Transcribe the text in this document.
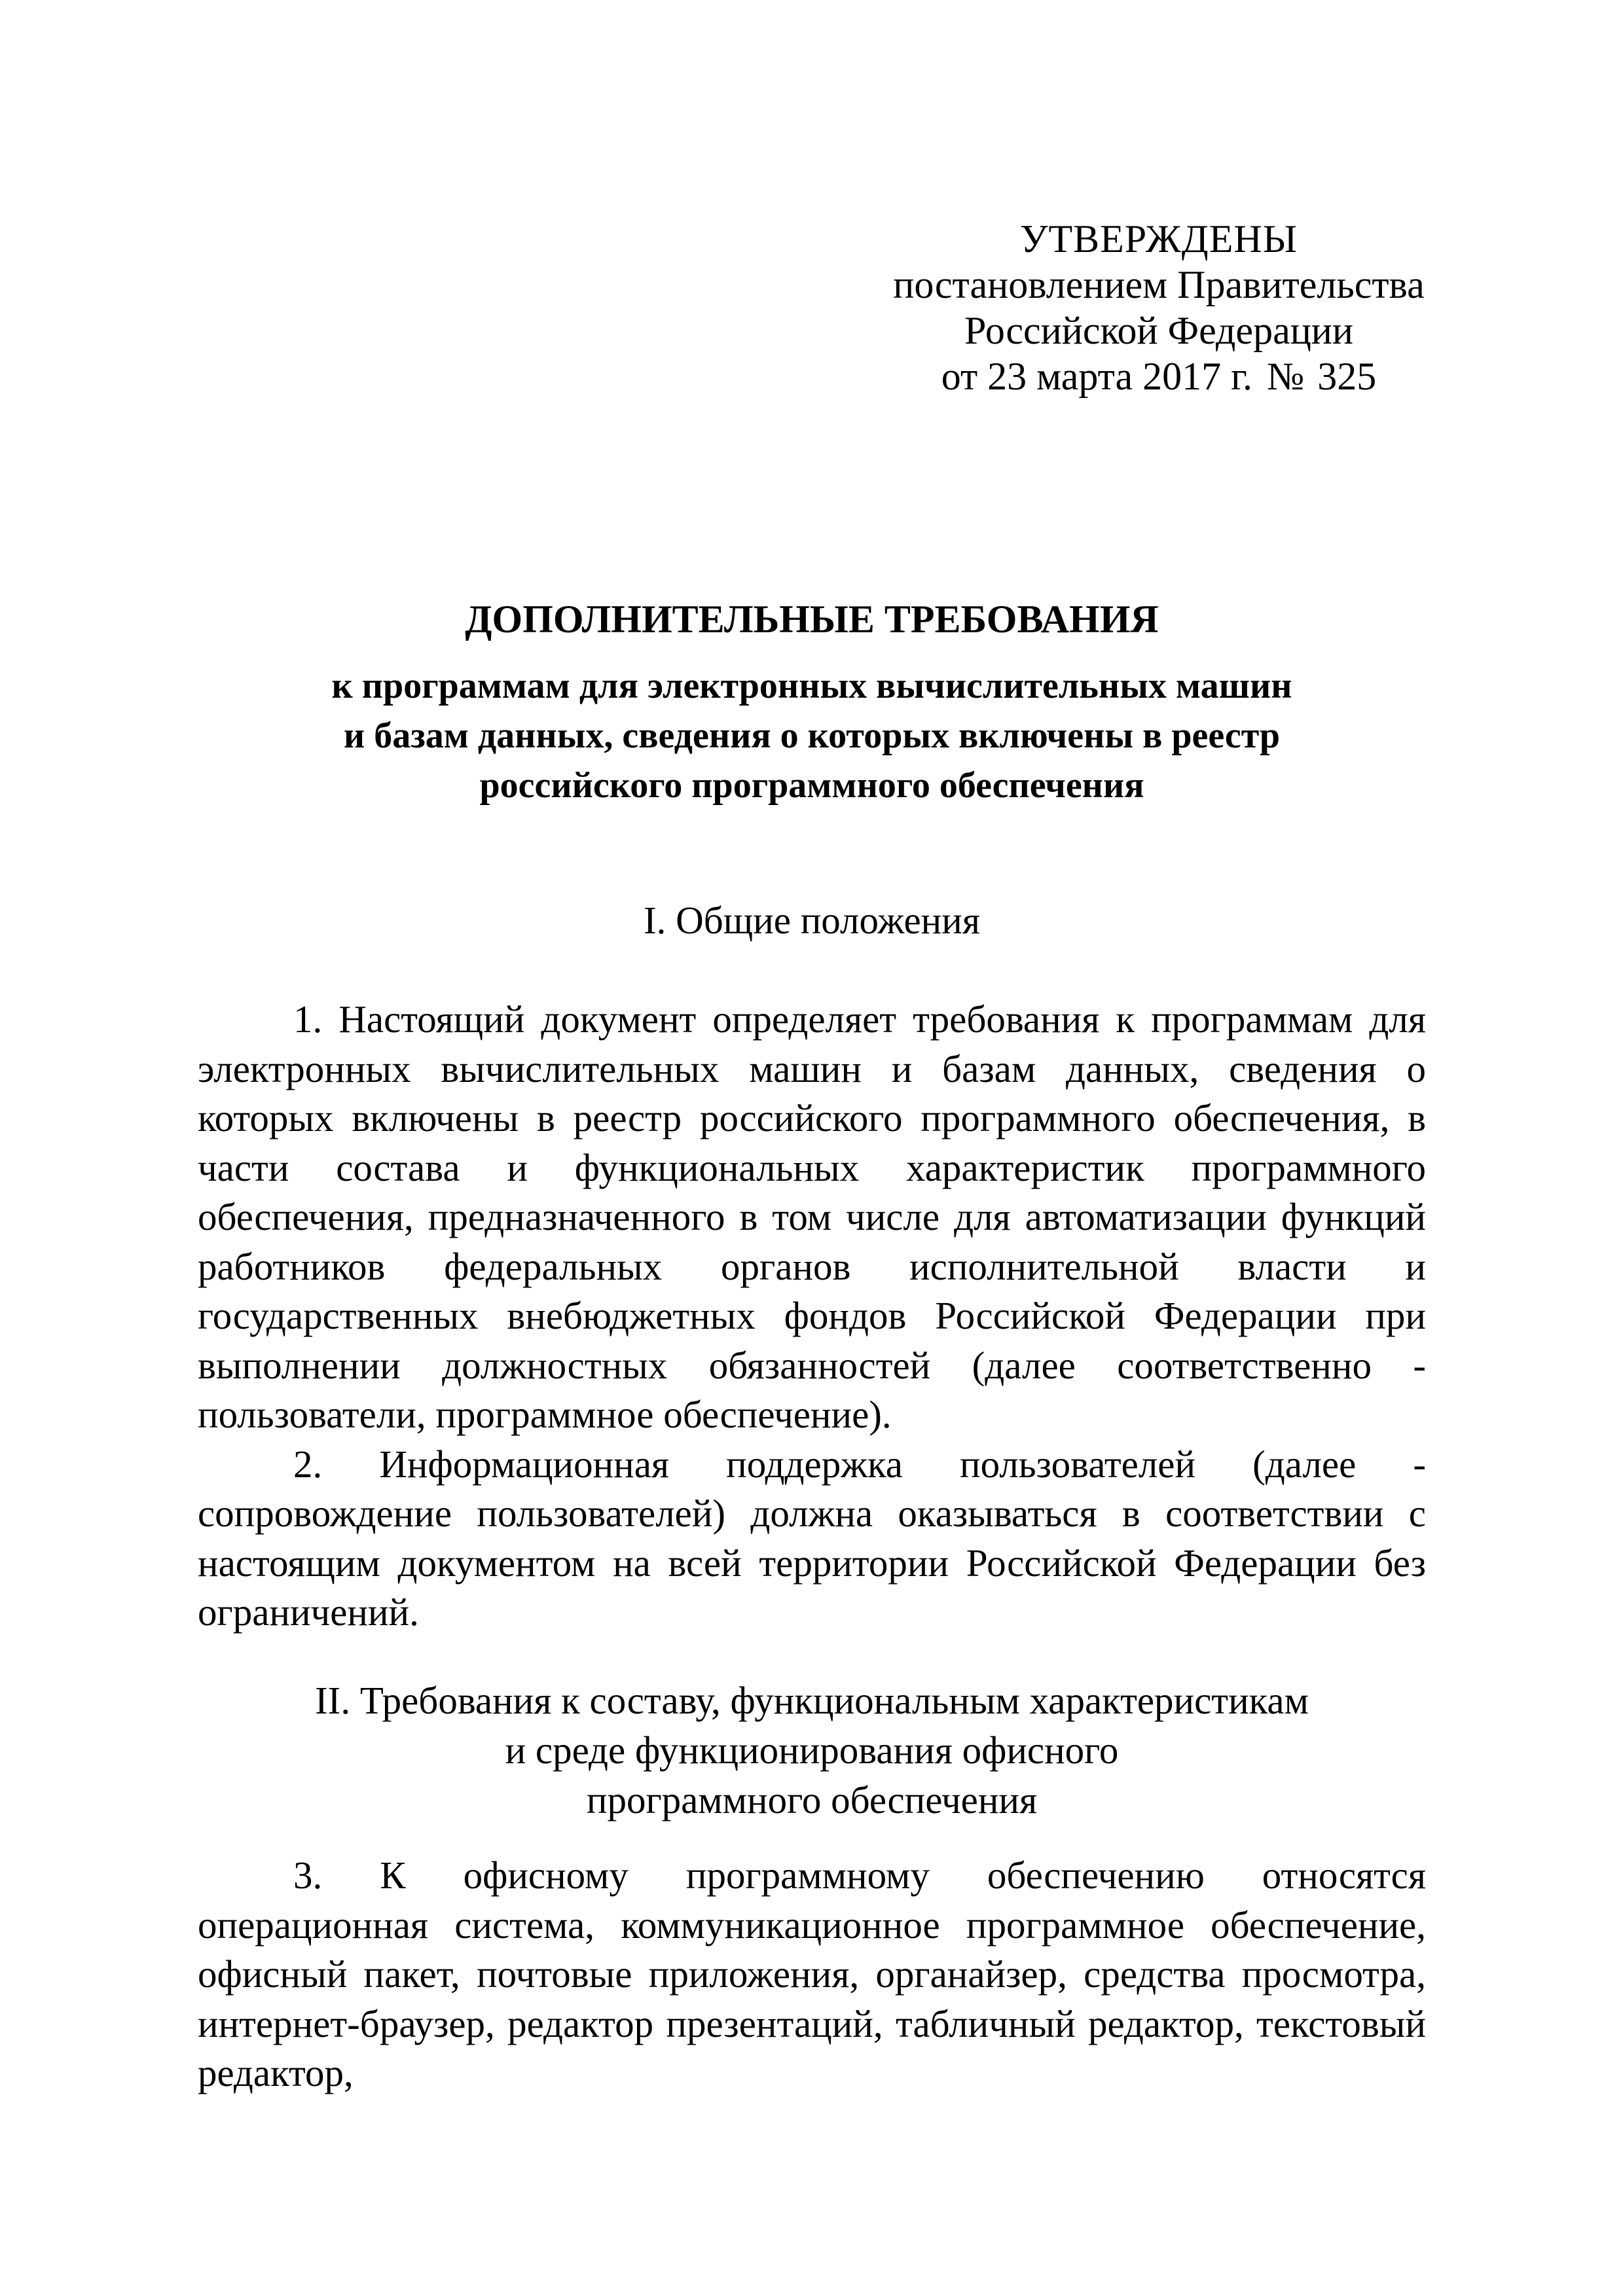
УТВЕРЖДЕНЫ
постановлением Правительства
Российской Федерации
от 23 марта 2017 г. № 325
ДОПОЛНИТЕЛЬНЫЕ ТРЕБОВАНИЯ
к программам для электронных вычислительных машин
и базам данных, сведения о которых включены в реестр
российского программного обеспечения
I. Общие положения

1. Настоящий документ определяет требования к программам для электронных вычислительных машин и базам данных, сведения о которых включены в реестр российского программного обеспечения, в части состава и функциональных характеристик программного обеспечения, предназначенного в том числе для автоматизации функций работников федеральных органов исполнительной власти и государственных внебюджетных фондов Российской Федерации при выполнении должностных обязанностей (далее соответственно - пользователи, программное обеспечение).

2. Информационная поддержка пользователей (далее - сопровождение пользователей) должна оказываться в соответствии с настоящим документом на всей территории Российской Федерации без ограничений.

II. Требования к составу, функциональным характеристикам
и среде функционирования офисного
программного обеспечения

3. К офисному программному обеспечению относятся операционная система, коммуникационное программное обеспечение, офисный пакет, почтовые приложения, органайзер, средства просмотра, интернет-браузер, редактор презентаций, табличный редактор, текстовый редактор,
